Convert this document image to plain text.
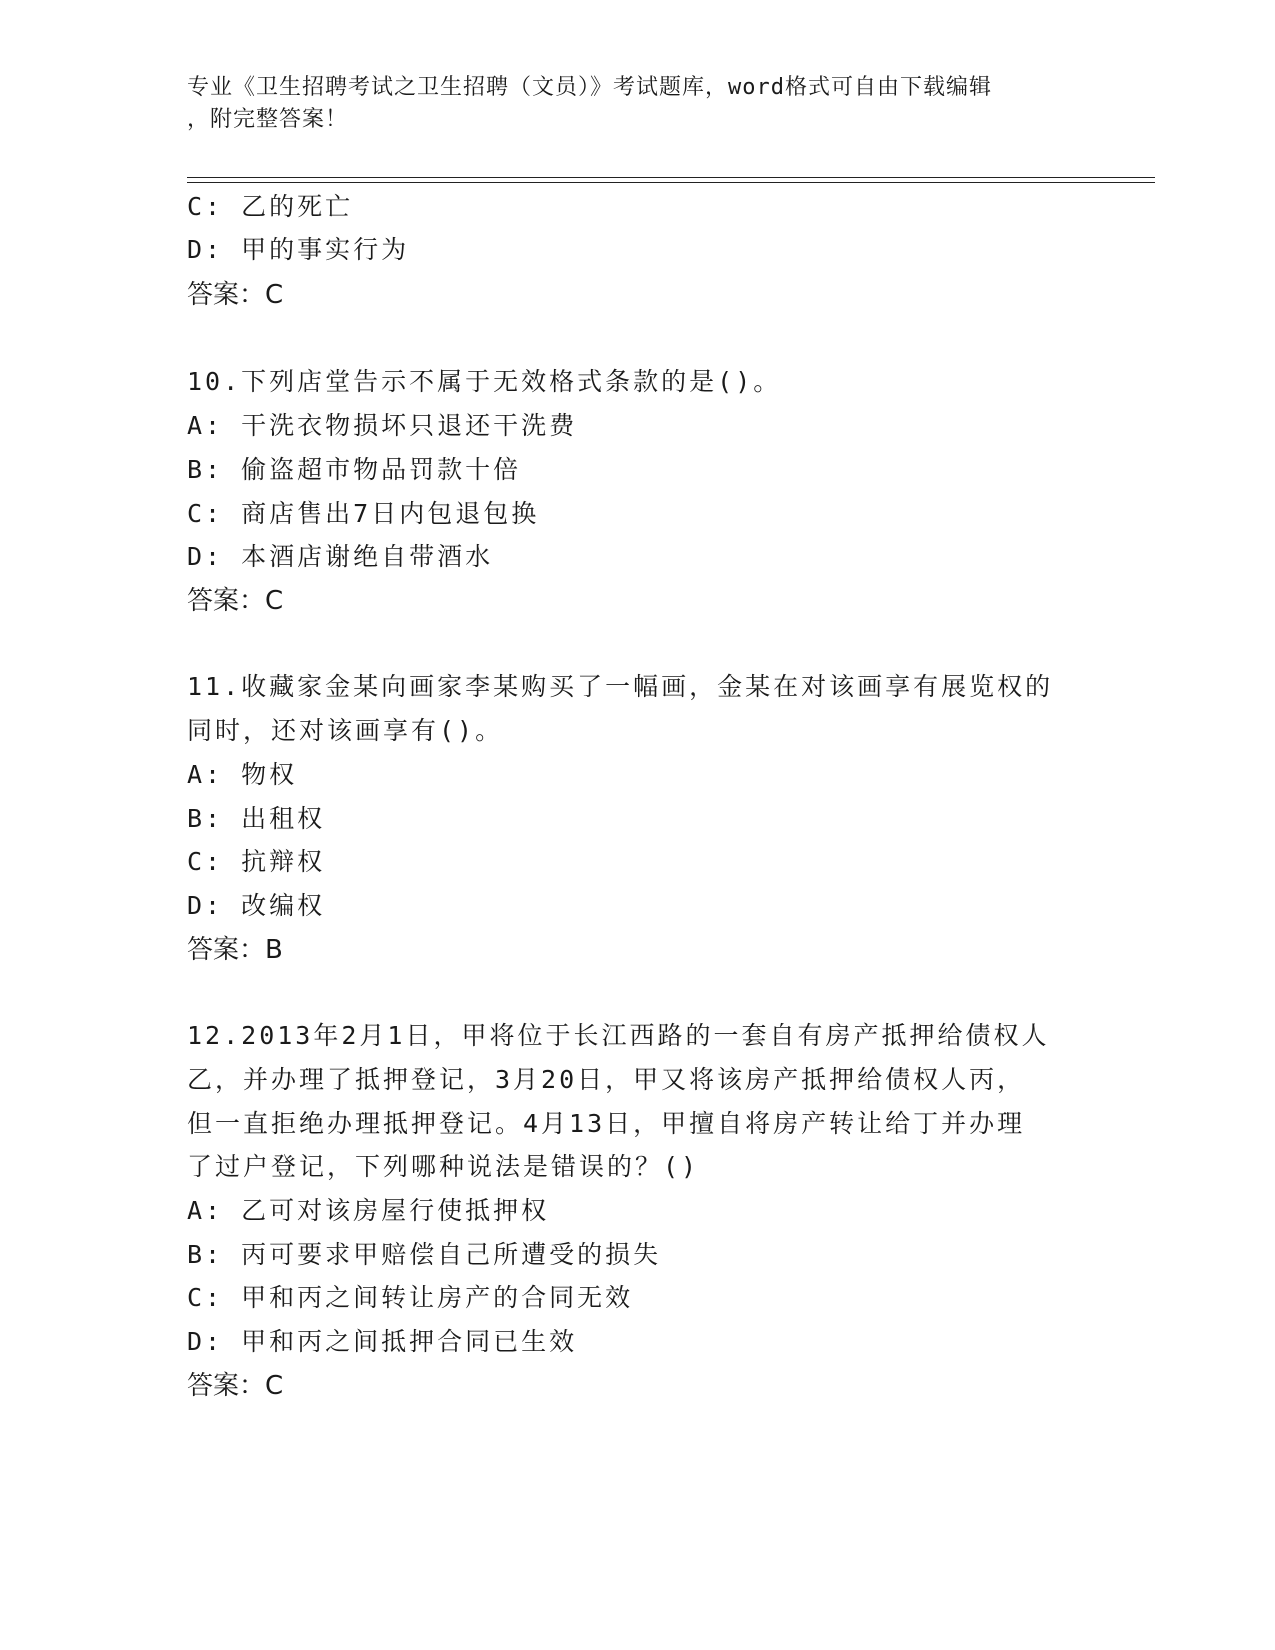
专业《卫生招聘考试之卫生招聘（文员）》考试题库，word格式可自由下载编辑
，附完整答案！
C: 乙的死亡
D: 甲的事实行为
答案：C
10.下列店堂告示不属于无效格式条款的是()。
A: 干洗衣物损坏只退还干洗费
B: 偷盗超市物品罚款十倍
C: 商店售出7日内包退包换
D: 本酒店谢绝自带酒水
答案：C
11.收藏家金某向画家李某购买了一幅画，金某在对该画享有展览权的
同时，还对该画享有()。
A: 物权
B: 出租权
C: 抗辩权
D: 改编权
答案：B
12.2013年2月1日，甲将位于长江西路的一套自有房产抵押给债权人
乙，并办理了抵押登记，3月20日，甲又将该房产抵押给债权人丙，
但一直拒绝办理抵押登记。4月13日，甲擅自将房产转让给丁并办理
了过户登记，下列哪种说法是错误的？()
A: 乙可对该房屋行使抵押权
B: 丙可要求甲赔偿自己所遭受的损失
C: 甲和丙之间转让房产的合同无效
D: 甲和丙之间抵押合同已生效
答案：C
